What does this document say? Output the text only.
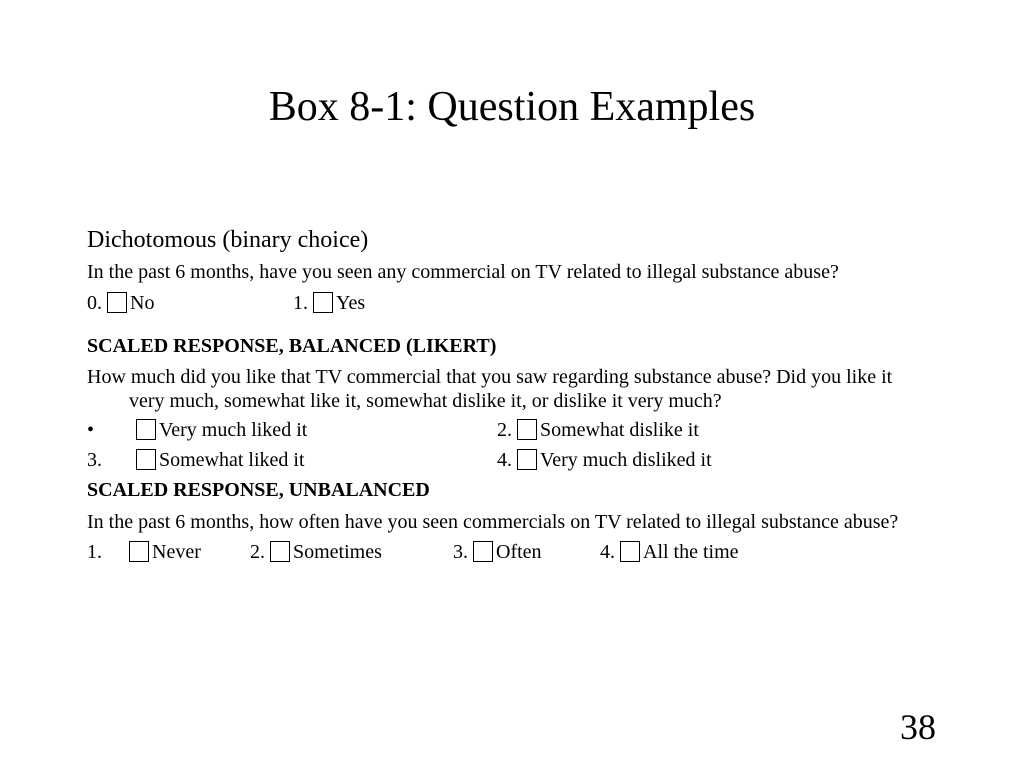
Box 8-1: Question Examples
Dichotomous (binary choice)
In the past 6 months, have you seen any commercial on TV related to illegal substance abuse?
0. No	1. Yes
SCALED RESPONSE, BALANCED (LIKERT)
How much did you like that TV commercial that you saw regarding substance abuse? Did you like it very much, somewhat like it, somewhat dislike it, or dislike it very much?
•	Very much liked it	2. Somewhat dislike it
3.	Somewhat liked it	4. Very much disliked it
SCALED RESPONSE, UNBALANCED
In the past 6 months, how often have you seen commercials on TV related to illegal substance abuse?
1.	Never 2. Sometimes	3. Often	4. All the time
38
